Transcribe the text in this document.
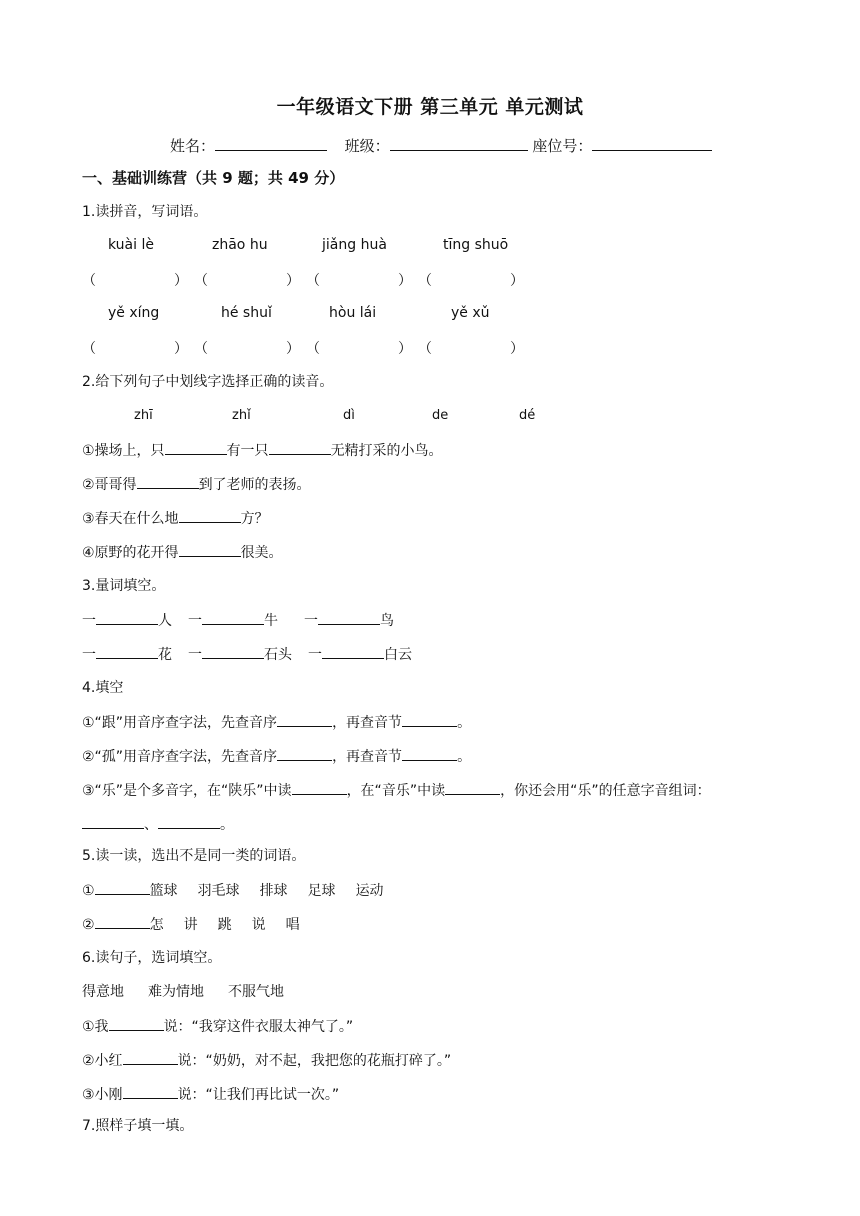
一年级语文下册 第三单元 单元测试
姓名：	班级：	座位号：
一、基础训练营（共 9 题；共 49 分）
1.读拼音，写词语。
kuài lè	zhāo hu	jiǎng huà	tīng shuō
（	） （	） （	） （	）
yě xíng	hé shuǐ	hòu lái	yě xǔ
（	） （	） （	） （	）
2.给下列句子中划线字选择正确的读音。
zhī	zhǐ	dì	de	dé
①操场上，只	有一只	无精打采的小鸟。
②哥哥得	到了老师的表扬。
③春天在什么地	方？
④原野的花开得	很美。
3.量词填空。
一	人 一	牛 一	鸟
一	花 一	石头 一	白云
4.填空
①“跟”用音序查字法，先查音序	，再查音节	。
②“孤”用音序查字法，先查音序	，再查音节	。
③“乐”是个多音字，在“陕乐”中读	，在“音乐”中读	，你还会用“乐”的任意字音组词：
、	。
5.读一读，选出不是同一类的词语。
①	篮球 羽毛球 排球 足球 运动
②	怎 讲 跳 说 唱
6.读句子，选词填空。
得意地 难为情地 不服气地
①我	说：“我穿这件衣服太神气了。”
②小红	说：“奶奶，对不起，我把您的花瓶打碎了。”
③小刚	说：“让我们再比试一次。”
7.照样子填一填。
